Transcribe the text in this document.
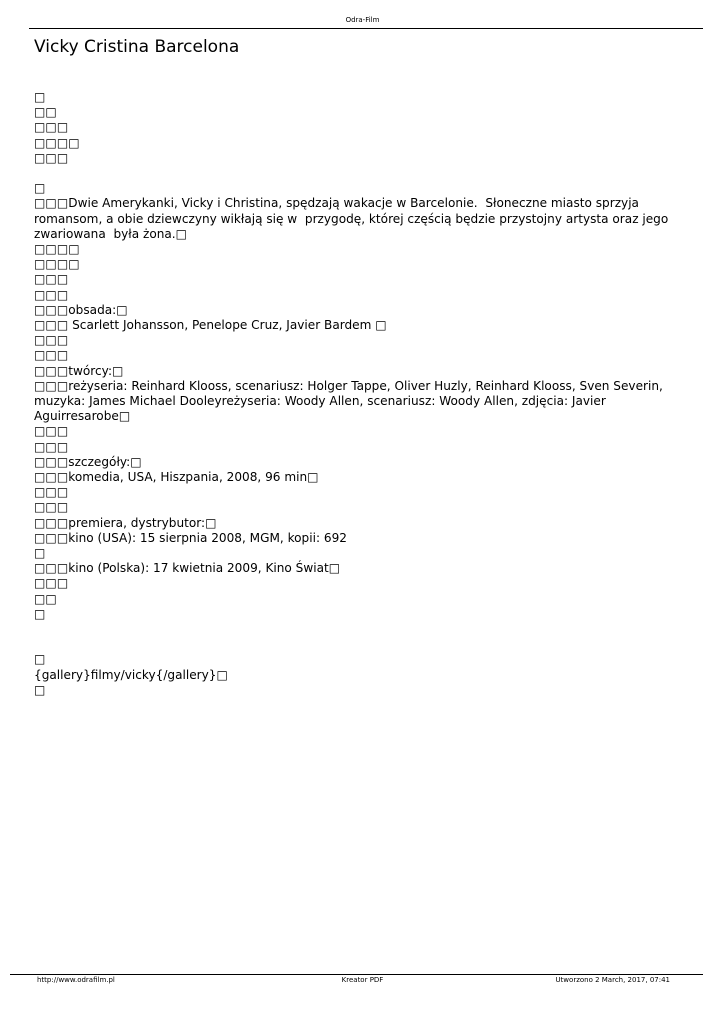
Odra-Film
Vicky Cristina Barcelona
□
□□
□□□
□□□□
□□□
□
□□□Dwie Amerykanki, Vicky i Christina, spędzają wakacje w Barcelonie.  Słoneczne miasto sprzyja romansom, a obie dziewczyny wikłają się w  przygodę, której częścią będzie przystojny artysta oraz jego zwariowana  była żona.□
□□□□
□□□□
□□□
□□□
□□□obsada:□
□□□ Scarlett Johansson, Penelope Cruz, Javier Bardem □
□□□
□□□
□□□twórcy:□
□□□reżyseria: Reinhard Klooss, scenariusz: Holger Tappe, Oliver Huzly, Reinhard Klooss, Sven Severin, muzyka: James Michael Dooleyreżyseria: Woody Allen, scenariusz: Woody Allen, zdjęcia: Javier Aguirresarobe□
□□□
□□□
□□□szczegóły:□
□□□komedia, USA, Hiszpania, 2008, 96 min□
□□□
□□□
□□□premiera, dystrybutor:□
□□□kino (USA): 15 sierpnia 2008, MGM, kopii: 692
□
□□□kino (Polska): 17 kwietnia 2009, Kino Świat□
□□□
□□
□
□
{gallery}filmy/vicky{/gallery}□
□
http://www.odrafilm.pl	Kreator PDF	Utworzono 2 March, 2017, 07:41
